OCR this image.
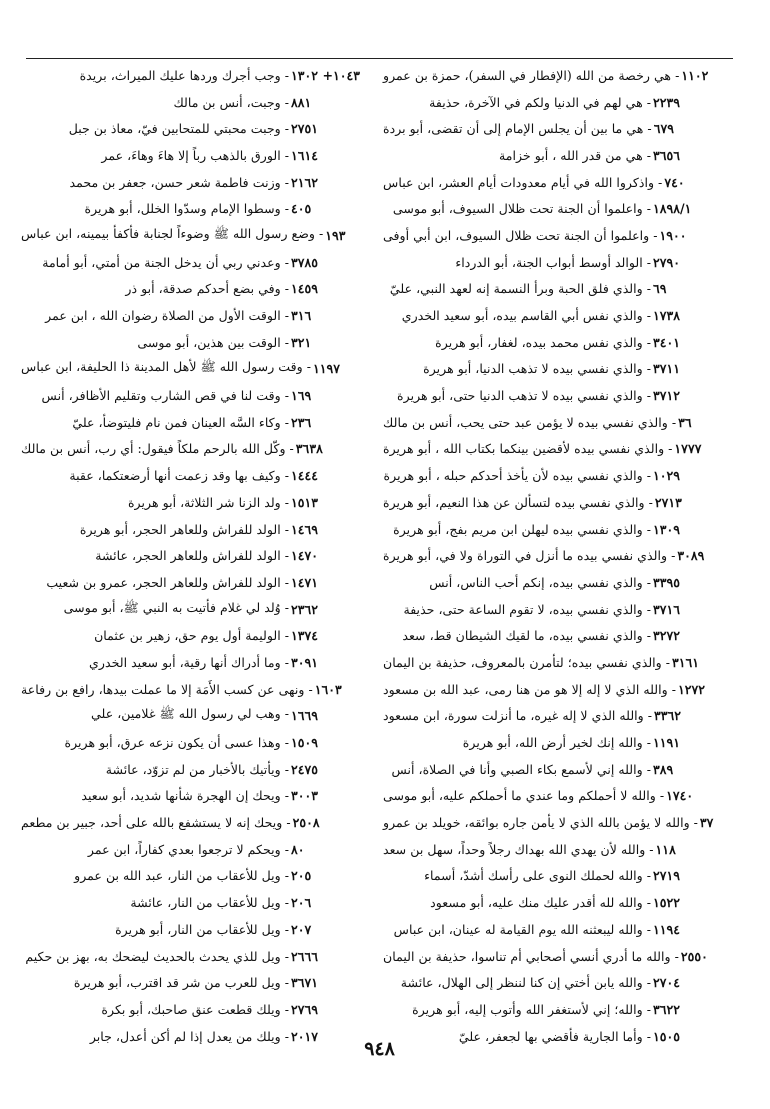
- هي رخصة من الله (الإفطار في السفر)، حمزة بن عمرو ١١٠٢
- هي لهم في الدنيا ولكم في الآخرة، حذيفة ٢٢٣٩
- هي ما بين أن يجلس الإمام إلى أن تقضى، أبو بردة ٦٧٩
- هي من قدر الله ، أبو خزامة ٣٦٥٦
- واذكروا الله في أيام معدودات أيام العشر، ابن عباس ٧٤٠
- واعلموا أن الجنة تحت ظلال السيوف، أبو موسى ١٨٩٨/١
- واعلموا أن الجنة تحت ظلال السيوف، ابن أبي أوفى ١٩٠٠
- الوالد أوسط أبواب الجنة، أبو الدرداء ٢٧٩٠
- والذي فلق الحبة وبرأ النسمة إنه لعهد النبي، عليّ ٦٩
- والذي نفس أبي القاسم بيده، أبو سعيد الخدري ١٧٣٨
- والذي نفس محمد بيده، لغفار، أبو هريرة ٣٤٠١
- والذي نفسي بيده لا تذهب الدنيا، أبو هريرة ٣٧١١
- والذي نفسي بيده لا تذهب الدنيا حتى، أبو هريرة ٣٧١٢
- والذي نفسي بيده لا يؤمن عبد حتى يحب، أنس بن مالك ٣٦
- والذي نفسي بيده لأقضين بينكما بكتاب الله ، أبو هريرة ١٧٧٧
- والذي نفسي بيده لأن يأخذ أحدكم حبله ، أبو هريرة ١٠٢٩
- والذي نفسي بيده لتسألن عن هذا النعيم، أبو هريرة ٢٧١٣
- والذي نفسي بيده ليهلن ابن مريم بفج، أبو هريرة ١٣٠٩
- والذي نفسي بيده ما أنزل في التوراة ولا في، أبو هريرة ٣٠٨٩
- والذي نفسي بيده، إنكم أحب الناس، أنس ٣٣٩٥
- والذي نفسي بيده، لا تقوم الساعة حتى، حذيفة ٣٧١٦
- والذي نفسي بيده، ما لقيك الشيطان قط، سعد ٣٢٧٢
- والذي نفسي بيده؛ لتأمرن بالمعروف، حذيفة بن اليمان ٣١٦١
- والله الذي لا إله إلا هو من هنا رمى، عبد الله بن مسعود ١٢٧٢
- والله الذي لا إله غيره، ما أنزلت سورة، ابن مسعود ٣٣٦٢
- والله إنك لخير أرض الله، أبو هريرة ١١٩١
- والله إني لأسمع بكاء الصبي وأنا في الصلاة، أنس ٣٨٩
- والله لا أحملكم وما عندي ما أحملكم عليه، أبو موسى ١٧٤٠
- والله لا يؤمن بالله الذي لا يأمن جاره بوائقه، خويلد بن عمرو ٣٧
- والله لأن يهدي الله بهداك رجلاً وحداً، سهل بن سعد ١١٨
- والله لحملك النوى على رأسك أشدّ، أسماء ٢٧١٩
- والله لله أقدر عليك منك عليه، أبو مسعود ١٥٢٢
- والله ليبعثنه الله يوم القيامة له عينان، ابن عباس ١١٩٤
- والله ما أدري أنسي أصحابي أم تناسوا، حذيفة بن اليمان ٢٥٥٠
- والله يابن أختي إن كنا لننظر إلى الهلال، عائشة ٢٧٠٤
- والله؛ إني لأستغفر الله وأتوب إليه، أبو هريرة ٣٦٢٢
- وأما الجارية فأقضي بها لجعفر، عليّ ١٥٠٥
- وجب أجرك وردها عليك الميراث، بريدة ١٠٤٣+ ١٣٠٢
- وجبت، أنس بن مالك ٨٨١
- وجبت محبتي للمتحابين فيّ، معاذ بن جبل ٢٧٥١
- الورق بالذهب رباً إلا هاءَ وهاءَ، عمر ١٦١٤
- وزنت فاطمة شعر حسن، جعفر بن محمد ٢١٦٢
- وسطوا الإمام وسدّوا الخلل، أبو هريرة ٤٠٥
- وضع رسول الله ﷺ وضوءاً لجنابة فأكفأ بيمينه، ابن عباس ١٩٣
- وعدني ربي أن يدخل الجنة من أمتي، أبو أمامة ٣٧٨٥
- وفي بضع أحدكم صدقة، أبو ذر ١٤٥٩
- الوقت الأول من الصلاة رضوان الله ، ابن عمر ٣١٦
- الوقت بين هذين، أبو موسى ٣٢١
- وقت رسول الله ﷺ لأهل المدينة ذا الحليفة، ابن عباس ١١٩٧
- وقت لنا في قص الشارب وتقليم الأظافر، أنس ١٦٩
- وكاء السَّه العينان فمن نام فليتوضأ، عليّ ٢٣٦
- وكّل الله بالرحم ملكاً فيقول: أي رب، أنس بن مالك ٣٦٣٨
- وكيف بها وقد زعمت أنها أرضعتكما، عقبة ١٤٤٤
- ولد الزنا شر الثلاثة، أبو هريرة ١٥١٣
- الولد للفراش وللعاهر الحجر، أبو هريرة ١٤٦٩
- الولد للفراش وللعاهر الحجر، عائشة ١٤٧٠
- الولد للفراش وللعاهر الحجر، عمرو بن شعيب ١٤٧١
- وُلد لي غلام فأتيت به النبي ﷺ، أبو موسى ٢٣٦٢
- الوليمة أول يوم حق، زهير بن عثمان ١٣٧٤
- وما أدراك أنها رقية، أبو سعيد الخدري ٣٠٩١
- ونهى عن كسب الأَمَة إلا ما عملت بيدها، رافع بن رفاعة ١٦٠٣
- وهب لي رسول الله ﷺ غلامين، علي ١٦٦٩
- وهذا عسى أن يكون نزعه عرق، أبو هريرة ١٥٠٩
- ويأتيك بالأخبار من لم تزوّد، عائشة ٢٤٧٥
- ويحك إن الهجرة شأنها شديد، أبو سعيد ٣٠٠٣
- ويحك إنه لا يستشفع بالله على أحد، جبير بن مطعم ٢٥٠٨
- ويحكم لا ترجعوا بعدي كفاراً، ابن عمر ٨٠
- ويل للأعقاب من النار، عبد الله بن عمرو ٢٠٥
- ويل للأعقاب من النار، عائشة ٢٠٦
- ويل للأعقاب من النار، أبو هريرة ٢٠٧
- ويل للذي يحدث بالحديث ليضحك به، بهز بن حكيم ٢٦٦٦
- ويل للعرب من شر قد اقترب، أبو هريرة ٣٦٧١
- ويلك قطعت عنق صاحبك، أبو بكرة ٢٧٦٩
- ويلك من يعدل إذا لم أكن أعدل، جابر ٢٠١٧
٩٤٨
